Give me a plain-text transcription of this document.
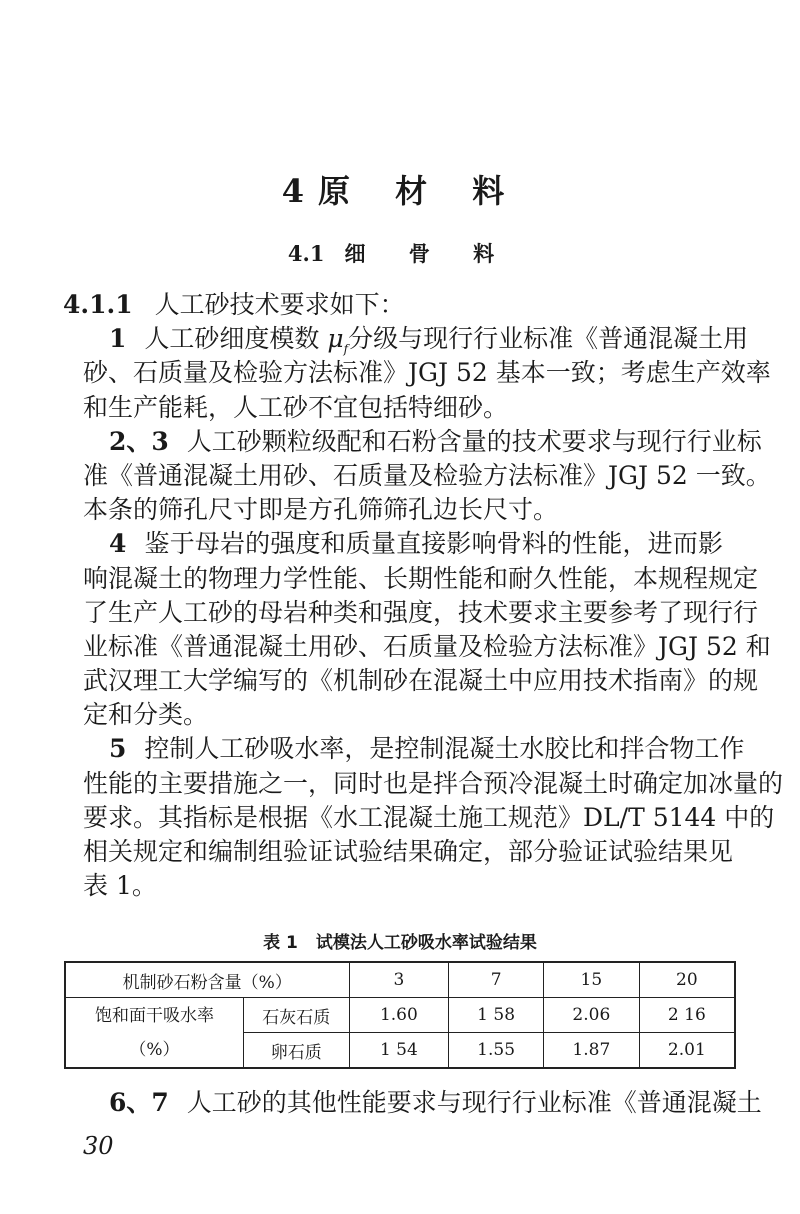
4原 材 料
4.1 细 骨 料
4.1.1 人工砂技术要求如下：
1 人工砂细度模数 $\mu_f$分级与现行行业标准《普通混凝土用
砂、石质量及检验方法标准》JGJ 52 基本一致；考虑生产效率
和生产能耗，人工砂不宜包括特细砂。
2、3 人工砂颗粒级配和石粉含量的技术要求与现行行业标
准《普通混凝土用砂、石质量及检验方法标准》JGJ 52 一致。
本条的筛孔尺寸即是方孔筛筛孔边长尺寸。
4 鉴于母岩的强度和质量直接影响骨料的性能，进而影
响混凝土的物理力学性能、长期性能和耐久性能，本规程规定
了生产人工砂的母岩种类和强度，技术要求主要参考了现行行
业标准《普通混凝土用砂、石质量及检验方法标准》JGJ 52 和
武汉理工大学编写的《机制砂在混凝土中应用技术指南》的规
定和分类。
5 控制人工砂吸水率，是控制混凝土水胶比和拌合物工作
性能的主要措施之一，同时也是拌合预冷混凝土时确定加冰量的
要求。其指标是根据《水工混凝土施工规范》DL/T 5144 中的
相关规定和编制组验证试验结果确定，部分验证试验结果见
表 1。
表 1 试模法人工砂吸水率试验结果
机制砂石粉含量（%）		3	7	15	20

饱和面干吸水率
（%）	石灰石质	1.60	1 58	2.06	2 16
	卵石质	1 54	1.55	1.87	2.01
6、7 人工砂的其他性能要求与现行行业标准《普通混凝土
30
